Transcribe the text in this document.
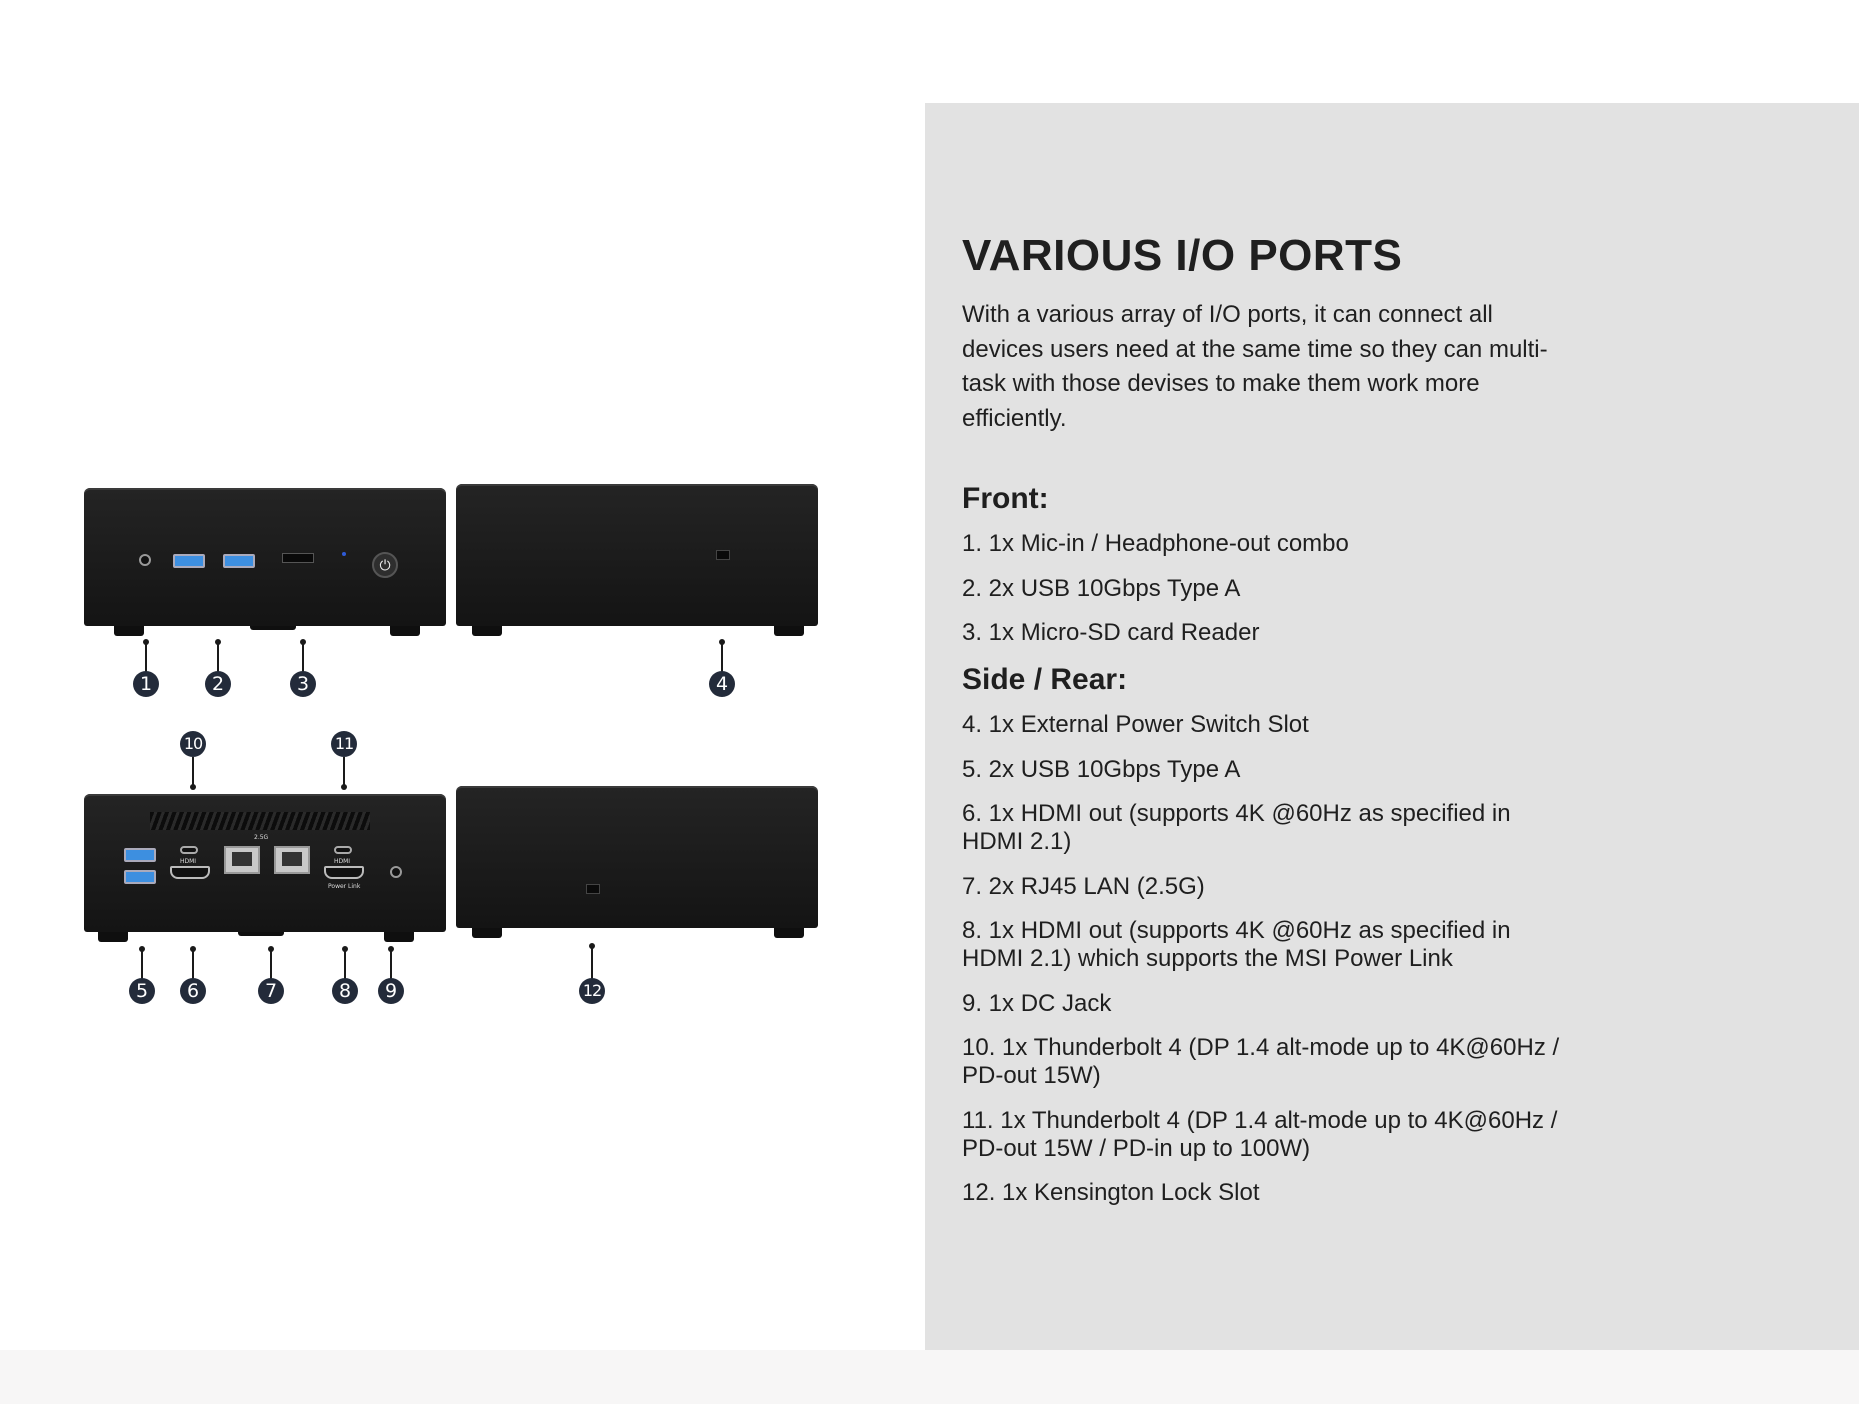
VARIOUS I/O PORTS

With a various array of I/O ports, it can connect all devices users need at the same time so they can multi-task with those devises to make them work more efficiently.

Front:
1. 1x Mic-in / Headphone-out combo
2. 2x USB 10Gbps Type A
3. 1x Micro-SD card Reader
Side / Rear:
4. 1x External Power Switch Slot
5. 2x USB 10Gbps Type A
6. 1x HDMI out (supports 4K @60Hz as specified in HDMI 2.1)
7. 2x RJ45 LAN (2.5G)
8. 1x HDMI out (supports 4K @60Hz as specified in HDMI 2.1) which supports the MSI Power Link
9. 1x DC Jack
10. 1x Thunderbolt 4 (DP 1.4 alt-mode up to 4K@60Hz / PD-out 15W)
11. 1x Thunderbolt 4 (DP 1.4 alt-mode up to 4K@60Hz / PD-out 15W / PD-in up to 100W)
12. 1x Kensington Lock Slot
⏻
HDMI
2.5G
HDMI
Power Link
1	2	3	4
10	11
5	6	7	8	9	12
